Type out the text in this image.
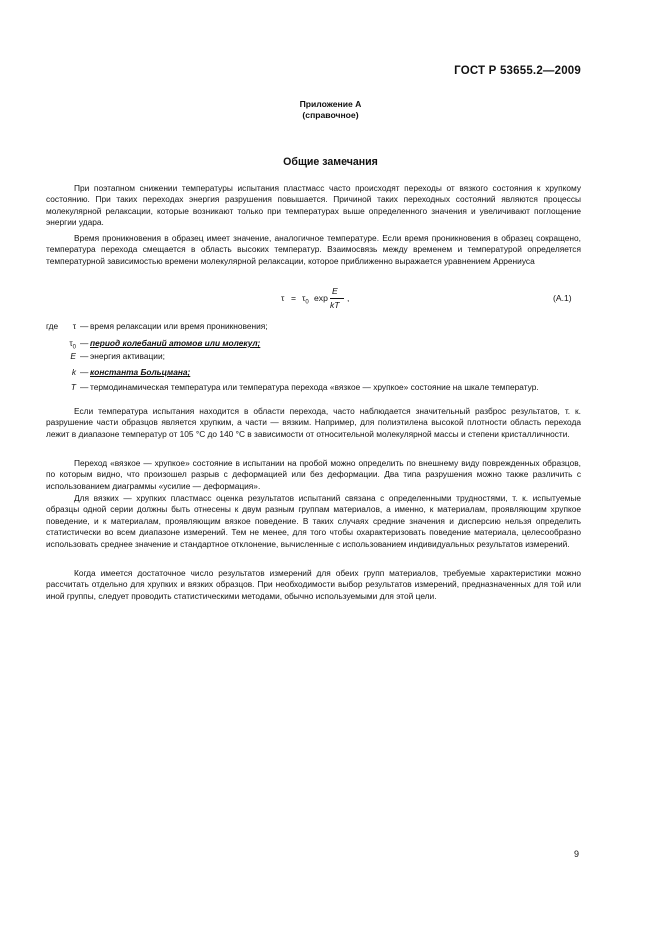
ГОСТ Р 53655.2—2009
Приложение А
(справочное)
Общие замечания

При поэтапном снижении температуры испытания пластмасс часто происходят переходы от вязкого состояния к хрупкому состоянию. При таких переходах энергия разрушения повышается. Причиной таких переходных состояний являются процессы молекулярной релаксации, которые возникают только при температурах выше определенного значения и увеличивают поглощение энергии удара.

Время проникновения в образец имеет значение, аналогичное температуре. Если время проникновения в образец сокращено, температура перехода смещается в область высоких температур. Взаимосвязь между временем и температурой определяется температурной зависимостью времени молекулярной релаксации, которое приближенно выражается уравнением Аррениуса

$\tau = \tau_0$ exp
E
kT
,	(А.1)
где	τ — время релаксации или время проникновения;
$\tau_0$ — период колебаний атомов или молекул;
E — энергия активации;
k — константа Больцмана;
T — термодинамическая температура или температура перехода «вязкое — хрупкое» состояние на шкале температур.

Если температура испытания находится в области перехода, часто наблюдается значительный разброс результатов, т. к. разрушение части образцов является хрупким, а части — вязким. Например, для полиэтилена высокой плотности область перехода лежит в диапазоне температур от 105 °С до 140 °С в зависимости от относительной молекулярной массы и степени кристалличности.

Переход «вязкое — хрупкое» состояние в испытании на пробой можно определить по внешнему виду поврежденных образцов, по которым видно, что произошел разрыв с деформацией или без деформации. Два типа разрушения можно также различить с использованием диаграммы «усилие — деформация».

Для вязких — хрупких пластмасс оценка результатов испытаний связана с определенными трудностями, т. к. испытуемые образцы одной серии должны быть отнесены к двум разным группам материалов, а именно, к материалам, проявляющим хрупкое поведение, и к материалам, проявляющим вязкое поведение. В таких случаях средние значения и дисперсию нельзя определить статистически во всем диапазоне измерений. Тем не менее, для того чтобы охарактеризовать поведение материала, целесообразно использовать среднее значение и стандартное отклонение, вычисленные с использованием индивидуальных результатов измерений.

Когда имеется достаточное число результатов измерений для обеих групп материалов, требуемые характеристики можно рассчитать отдельно для хрупких и вязких образцов. При необходимости выбор результатов измерений, предназначенных для той или иной группы, следует проводить статистическими методами, обычно используемыми для этой цели.

9
